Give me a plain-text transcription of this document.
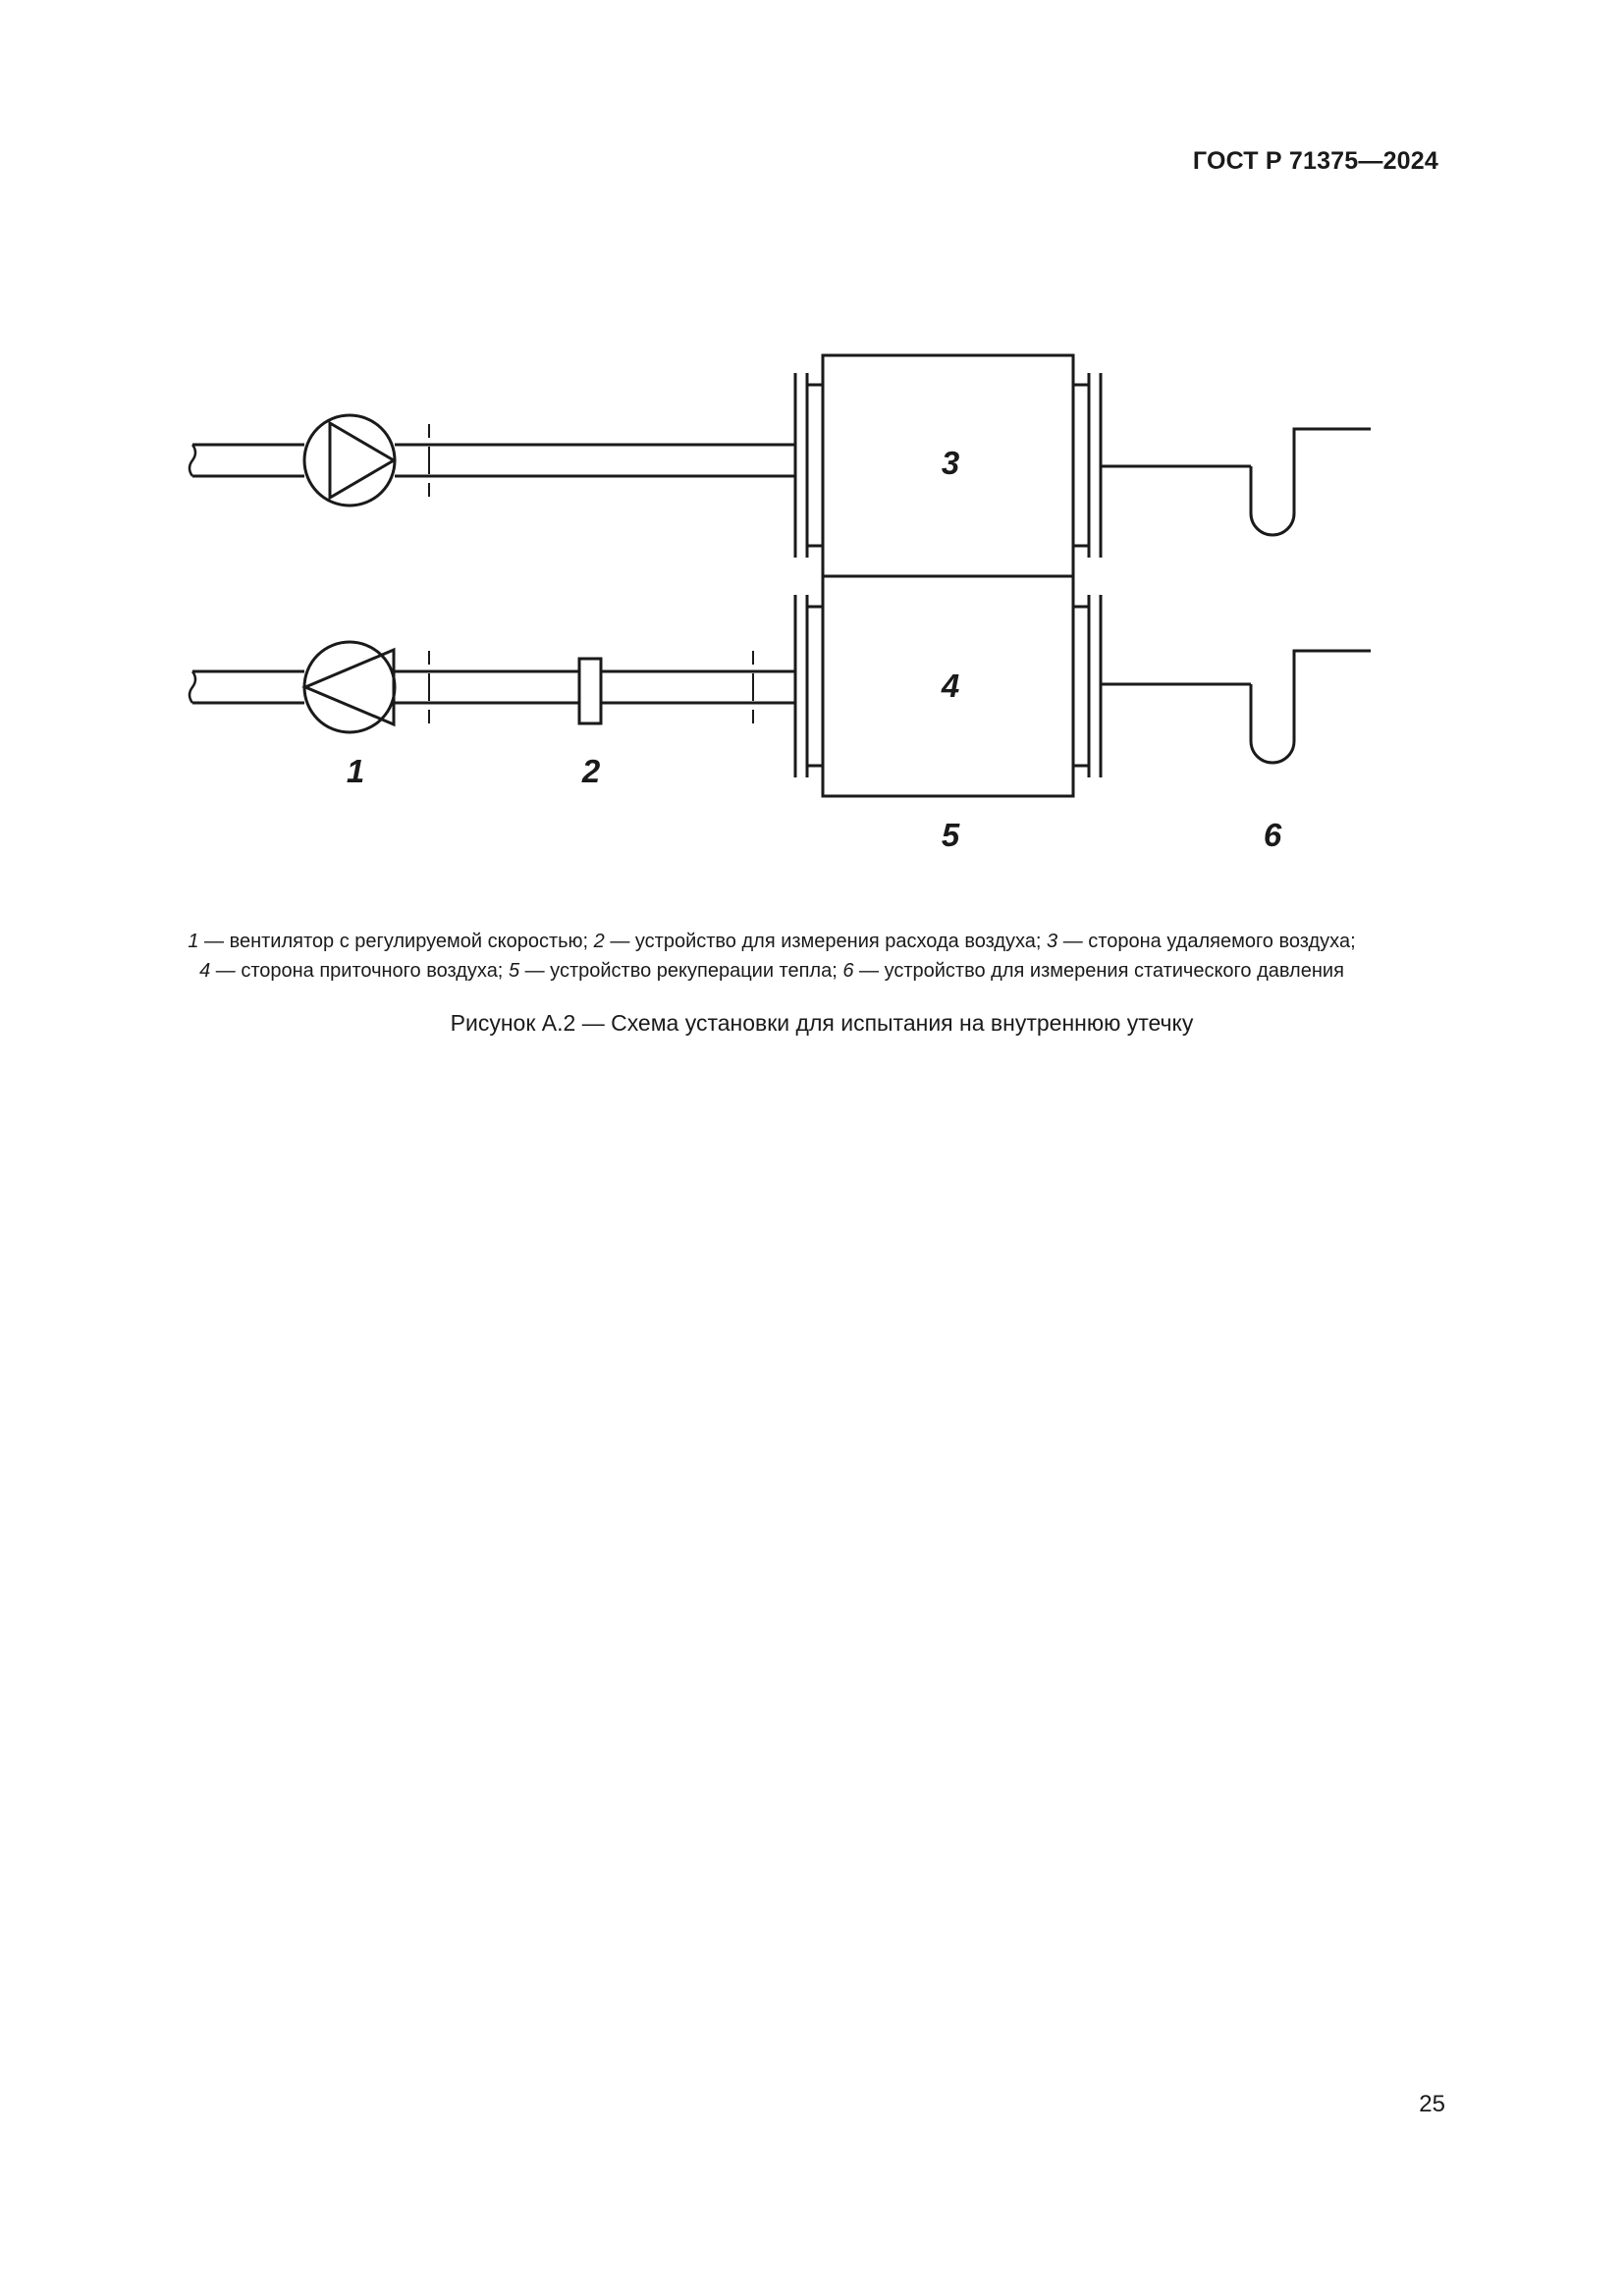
ГОСТ Р 71375—2024
3
4
1	2
5	6
1 — вентилятор с регулируемой скоростью; 2 — устройство для измерения расхода воздуха; 3 — сторона удаляемого воздуха;
4 — сторона приточного воздуха; 5 — устройство рекуперации тепла; 6 — устройство для измерения статического давления
Рисунок А.2 — Схема установки для испытания на внутреннюю утечку
25
